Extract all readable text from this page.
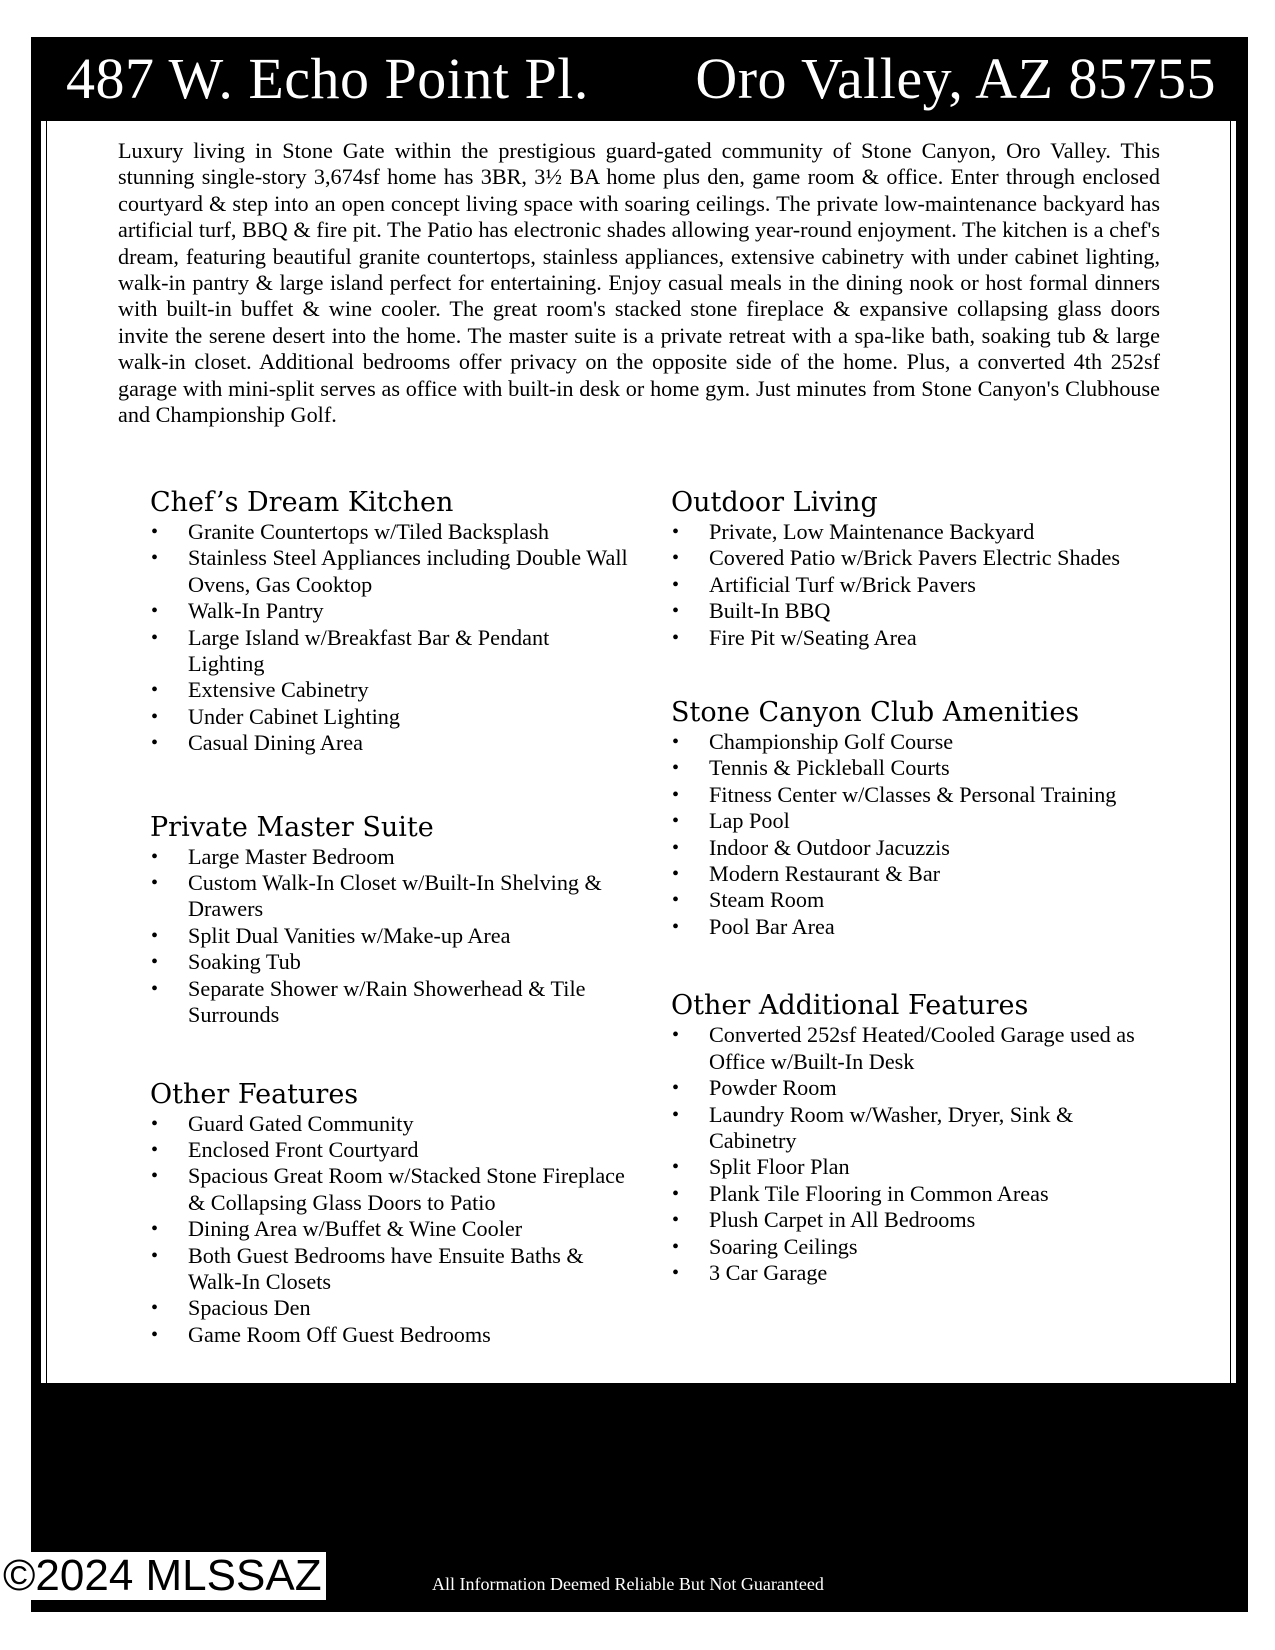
487 W. Echo Point Pl. Oro Valley, AZ 85755

Luxury living in Stone Gate within the prestigious guard-gated community of Stone Canyon, Oro Valley. This stunning single-story 3,674sf home has 3BR, 3½ BA home plus den, game room & office. Enter through enclosed courtyard & step into an open concept living space with soaring ceilings. The private low-maintenance backyard has artificial turf, BBQ & fire pit. The Patio has electronic shades allowing year-round enjoyment. The kitchen is a chef's dream, featuring beautiful granite countertops, stainless appliances, extensive cabinetry with under cabinet lighting, walk-in pantry & large island perfect for entertaining. Enjoy casual meals in the dining nook or host formal dinners with built-in buffet & wine cooler. The great room's stacked stone fireplace & expansive collapsing glass doors invite the serene desert into the home. The master suite is a private retreat with a spa-like bath, soaking tub & large walk-in closet. Additional bedrooms offer privacy on the opposite side of the home. Plus, a converted 4th 252sf garage with mini-split serves as office with built-in desk or home gym. Just minutes from Stone Canyon's Clubhouse and Championship Golf.

Chef’s Dream Kitchen
• Granite Countertops w/Tiled Backsplash
• Stainless Steel Appliances including Double Wall Ovens, Gas Cooktop
• Walk-In Pantry
• Large Island w/Breakfast Bar & Pendant Lighting
• Extensive Cabinetry
• Under Cabinet Lighting
• Casual Dining Area
Private Master Suite
• Large Master Bedroom
• Custom Walk-In Closet w/Built-In Shelving & Drawers
• Split Dual Vanities w/Make-up Area
• Soaking Tub
• Separate Shower w/Rain Showerhead & Tile Surrounds
Other Features
• Guard Gated Community
• Enclosed Front Courtyard
• Spacious Great Room w/Stacked Stone Fireplace & Collapsing Glass Doors to Patio
• Dining Area w/Buffet & Wine Cooler
• Both Guest Bedrooms have Ensuite Baths & Walk-In Closets
• Spacious Den
• Game Room Off Guest Bedrooms
Outdoor Living
• Private, Low Maintenance Backyard
• Covered Patio w/Brick Pavers Electric Shades
• Artificial Turf w/Brick Pavers
• Built-In BBQ
• Fire Pit w/Seating Area
Stone Canyon Club Amenities
• Championship Golf Course
• Tennis & Pickleball Courts
• Fitness Center w/Classes & Personal Training
• Lap Pool
• Indoor & Outdoor Jacuzzis
• Modern Restaurant & Bar
• Steam Room
• Pool Bar Area
Other Additional Features
• Converted 252sf Heated/Cooled Garage used as Office w/Built-In Desk
• Powder Room
• Laundry Room w/Washer, Dryer, Sink & Cabinetry
• Split Floor Plan
• Plank Tile Flooring in Common Areas
• Plush Carpet in All Bedrooms
• Soaring Ceilings
• 3 Car Garage
©2024 MLSSAZ	All Information Deemed Reliable But Not Guaranteed
